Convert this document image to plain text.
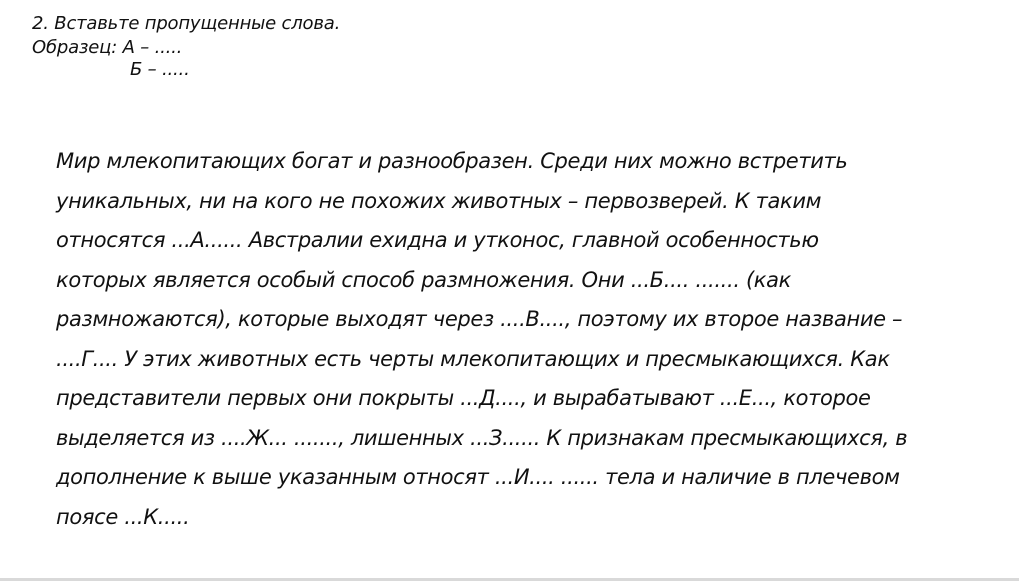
2. Вставьте пропущенные слова.
Образец: А – .....
Б – .....
Мир млекопитающих богат и разнообразен. Среди них можно встретить
уникальных, ни на кого не похожих животных – первозверей. К таким
относятся ...А...... Австралии ехидна и утконос, главной особенностью
которых является особый способ размножения. Они ...Б.... ....... (как
размножаются), которые выходят через ....В...., поэтому их второе название –
....Г.... У этих животных есть черты млекопитающих и пресмыкающихся. Как
представители первых они покрыты ...Д...., и вырабатывают ...Е..., которое
выделяется из ....Ж... ......., лишенных ...З...... К признакам пресмыкающихся, в
дополнение к выше указанным относят ...И.... ...... тела и наличие в плечевом
поясе ...К.....
